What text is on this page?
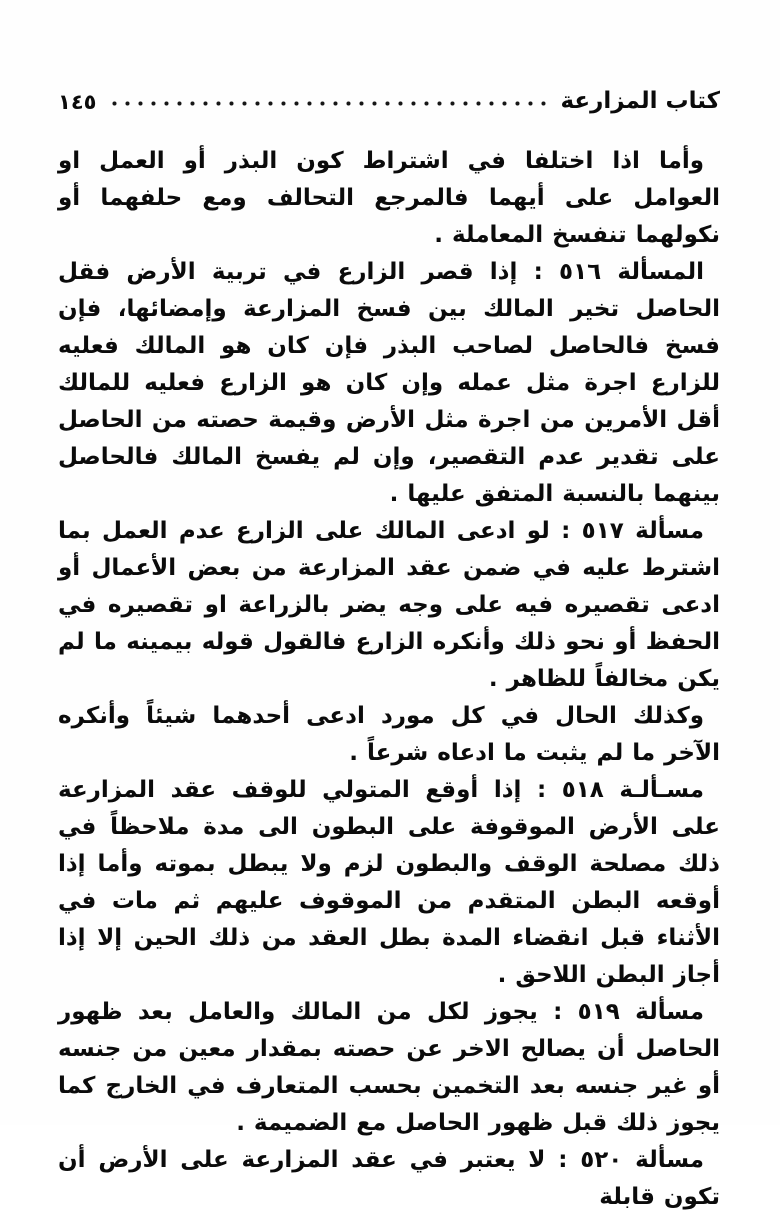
كتاب المزارعة
١٤٥

وأما اذا اختلفا في اشتراط كون البذر أو العمل او العوامل على أيهما فالمرجع التحالف ومع حلفهما أو نكولهما تنفسخ المعاملة .

المسألة ٥١٦ : إذا قصر الزارع في تربية الأرض فقل الحاصل تخير المالك بين فسخ المزارعة وإمضائها، فإن فسخ فالحاصل لصاحب البذر فإن كان هو المالك فعليه للزارع اجرة مثل عمله وإن كان هو الزارع فعليه للمالك أقل الأمرين من اجرة مثل الأرض وقيمة حصته من الحاصل على تقدير عدم التقصير، وإن لم يفسخ المالك فالحاصل بينهما بالنسبة المتفق عليها .

مسألة ٥١٧ : لو ادعى المالك على الزارع عدم العمل بما اشترط عليه في ضمن عقد المزارعة من بعض الأعمال أو ادعى تقصيره فيه على وجه يضر بالزراعة او تقصيره في الحفظ أو نحو ذلك وأنكره الزارع فالقول قوله بيمينه ما لم يكن مخالفاً للظاهر .

وكذلك الحال في كل مورد ادعى أحدهما شيئاً وأنكره الآخر ما لم يثبت ما ادعاه شرعاً .

مسـألـة ٥١٨ : إذا أوقع المتولي للوقف عقد المزارعة على الأرض الموقوفة على البطون الى مدة ملاحظاً في ذلك مصلحة الوقف والبطون لزم ولا يبطل بموته وأما إذا أوقعه البطن المتقدم من الموقوف عليهم ثم مات في الأثناء قبل انقضاء المدة بطل العقد من ذلك الحين إلا إذا أجاز البطن اللاحق .

مسألة ٥١٩ : يجوز لكل من المالك والعامل بعد ظهور الحاصل أن يصالح الاخر عن حصته بمقدار معين من جنسه أو غير جنسه بعد التخمين بحسب المتعارف في الخارج كما يجوز ذلك قبل ظهور الحاصل مع الضميمة .

مسألة ٥٢٠ : لا يعتبر في عقد المزارعة على الأرض أن تكون قابلة
